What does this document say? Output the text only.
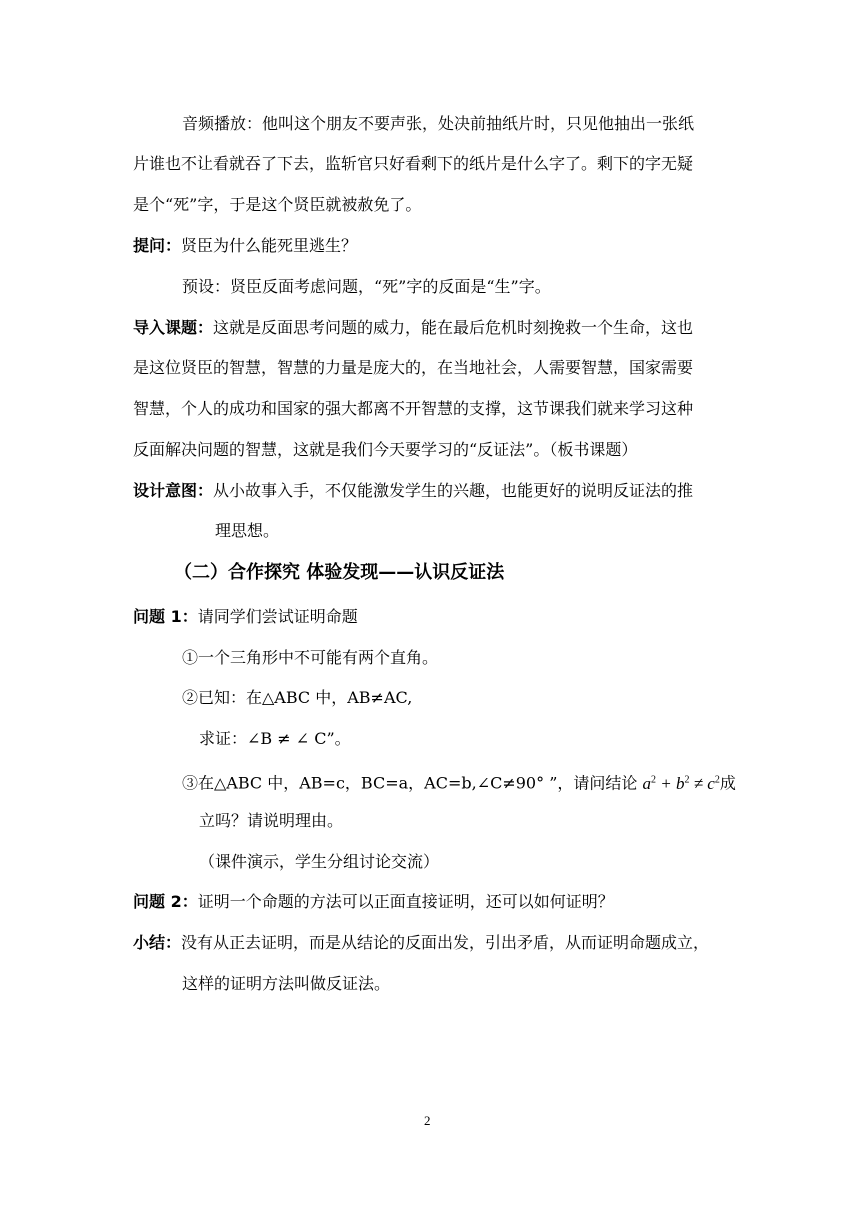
音频播放：他叫这个朋友不要声张，处决前抽纸片时，只见他抽出一张纸
片谁也不让看就吞了下去，监斩官只好看剩下的纸片是什么字了。剩下的字无疑
是个“死”字，于是这个贤臣就被赦免了。
提问：贤臣为什么能死里逃生？
预设：贤臣反面考虑问题，“死”字的反面是“生”字。
导入课题：这就是反面思考问题的威力，能在最后危机时刻挽救一个生命，这也
是这位贤臣的智慧，智慧的力量是庞大的，在当地社会，人需要智慧，国家需要
智慧，个人的成功和国家的强大都离不开智慧的支撑，这节课我们就来学习这种
反面解决问题的智慧，这就是我们今天要学习的“反证法”。（板书课题）
设计意图：从小故事入手，不仅能激发学生的兴趣，也能更好的说明反证法的推
理思想。
（二）合作探究 体验发现——认识反证法
问题 1：请同学们尝试证明命题
①一个三角形中不可能有两个直角。
②已知：在△ABC 中，AB≠AC,
求证：∠B ≠ ∠ C”。
③在△ABC 中，AB=c，BC=a，AC=b,∠C≠90° ”，请问结论 $a^2 + b^2 \ne c^2$成
立吗？请说明理由。
（课件演示，学生分组讨论交流）
问题 2：证明一个命题的方法可以正面直接证明，还可以如何证明？
小结：没有从正去证明，而是从结论的反面出发，引出矛盾，从而证明命题成立，
这样的证明方法叫做反证法。
2
